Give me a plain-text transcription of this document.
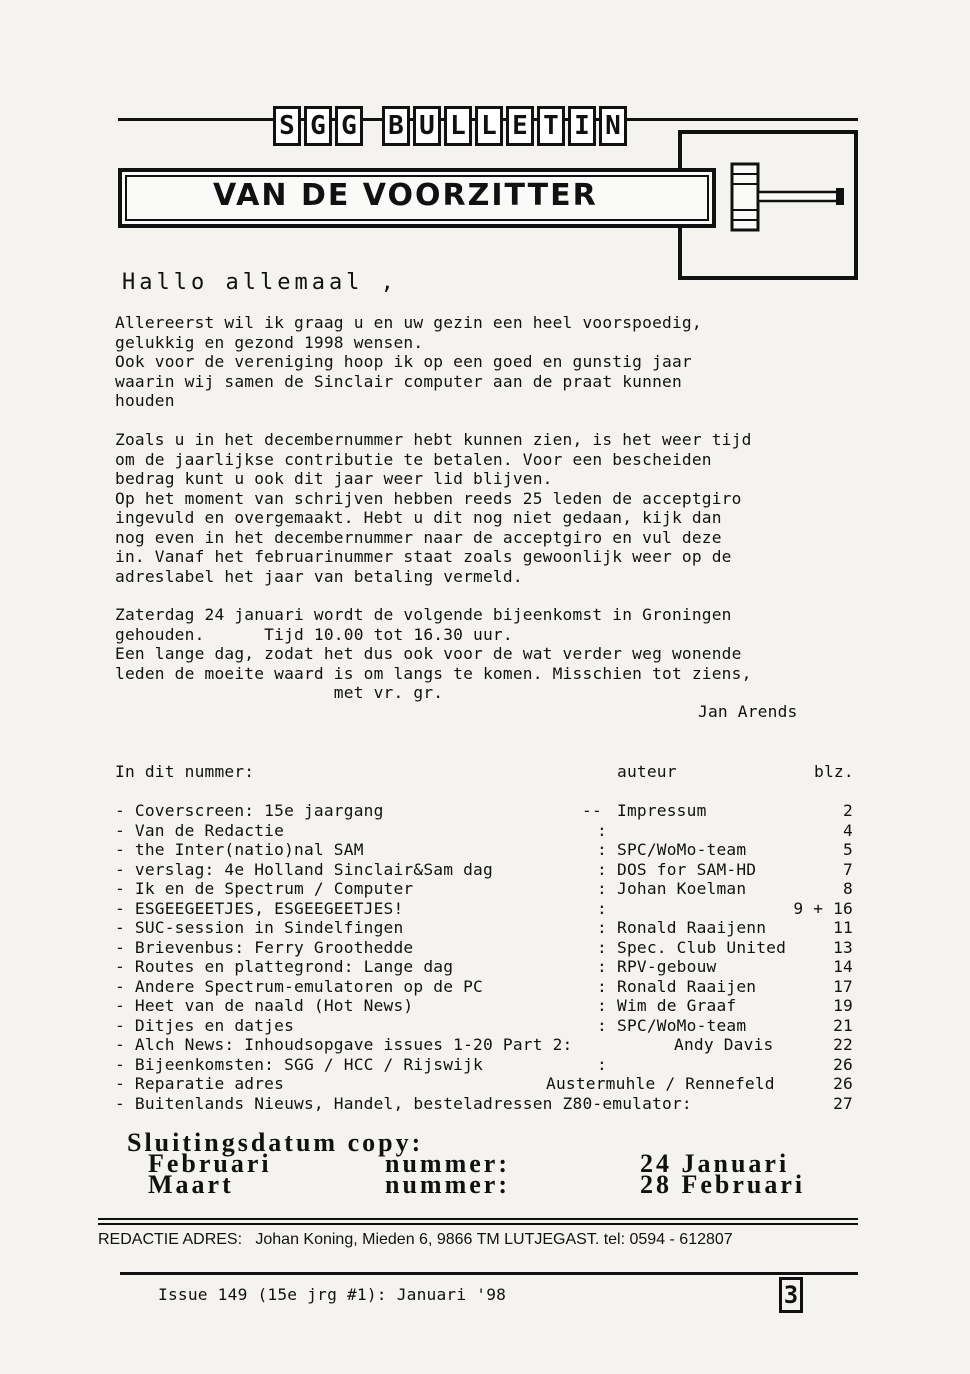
S G G B U L L E T I N
VAN DE VOORZITTER
Hallo allemaal ,
Allereerst wil ik graag u en uw gezin een heel voorspoedig,
gelukkig en gezond 1998 wensen.
Ook voor de vereniging hoop ik op een goed en gunstig jaar
waarin wij samen de Sinclair computer aan de praat kunnen
houden
Zoals u in het decembernummer hebt kunnen zien, is het weer tijd
om de jaarlijkse contributie te betalen. Voor een bescheiden
bedrag kunt u ook dit jaar weer lid blijven.
Op het moment van schrijven hebben reeds 25 leden de acceptgiro
ingevuld en overgemaakt. Hebt u dit nog niet gedaan, kijk dan
nog even in het decembernummer naar de acceptgiro en vul deze
in. Vanaf het februarinummer staat zoals gewoonlijk weer op de
adreslabel het jaar van betaling vermeld.
Zaterdag 24 januari wordt de volgende bijeenkomst in Groningen
gehouden.      Tijd 10.00 tot 16.30 uur.
Een lange dag, zodat het dus ook voor de wat verder weg wonende
leden de moeite waard is om langs te komen. Misschien tot ziens,
met vr. gr.
Jan Arends
In dit nummer:	auteur	blz.
- Coverscreen: 15e jaargang	-- Impressum	2
- Van de Redactie	:	4
- the Inter(natio)nal SAM	: SPC/WoMo-team	5
- verslag: 4e Holland Sinclair&Sam dag	: DOS for SAM-HD	7
- Ik en de Spectrum / Computer	: Johan Koelman	8
- ESGEEGEETJES, ESGEEGEETJES!	:	9 + 16
- SUC-session in Sindelfingen	: Ronald Raaijenn	11
- Brievenbus: Ferry Groothedde	: Spec. Club United	13
- Routes en plattegrond: Lange dag	: RPV-gebouw	14
- Andere Spectrum-emulatoren op de PC	: Ronald Raaijen	17
- Heet van de naald (Hot News)	: Wim de Graaf	19
- Ditjes en datjes	: SPC/WoMo-team	21
- Alch News: Inhoudsopgave issues 1-20 Part 2:	Andy Davis	22
- Bijeenkomsten: SGG / HCC / Rijswijk	:	26
- Reparatie adres	Austermuhle / Rennefeld	26
- Buitenlands Nieuws, Handel, besteladressen Z80-emulator:	27
Sluitingsdatum copy:
Februari	nummer:	24 Januari
Maart	nummer:	28 Februari
REDACTIE ADRES:   Johan Koning, Mieden 6, 9866 TM LUTJEGAST. tel: 0594 - 612807
Issue 149 (15e jrg #1): Januari '98	3
